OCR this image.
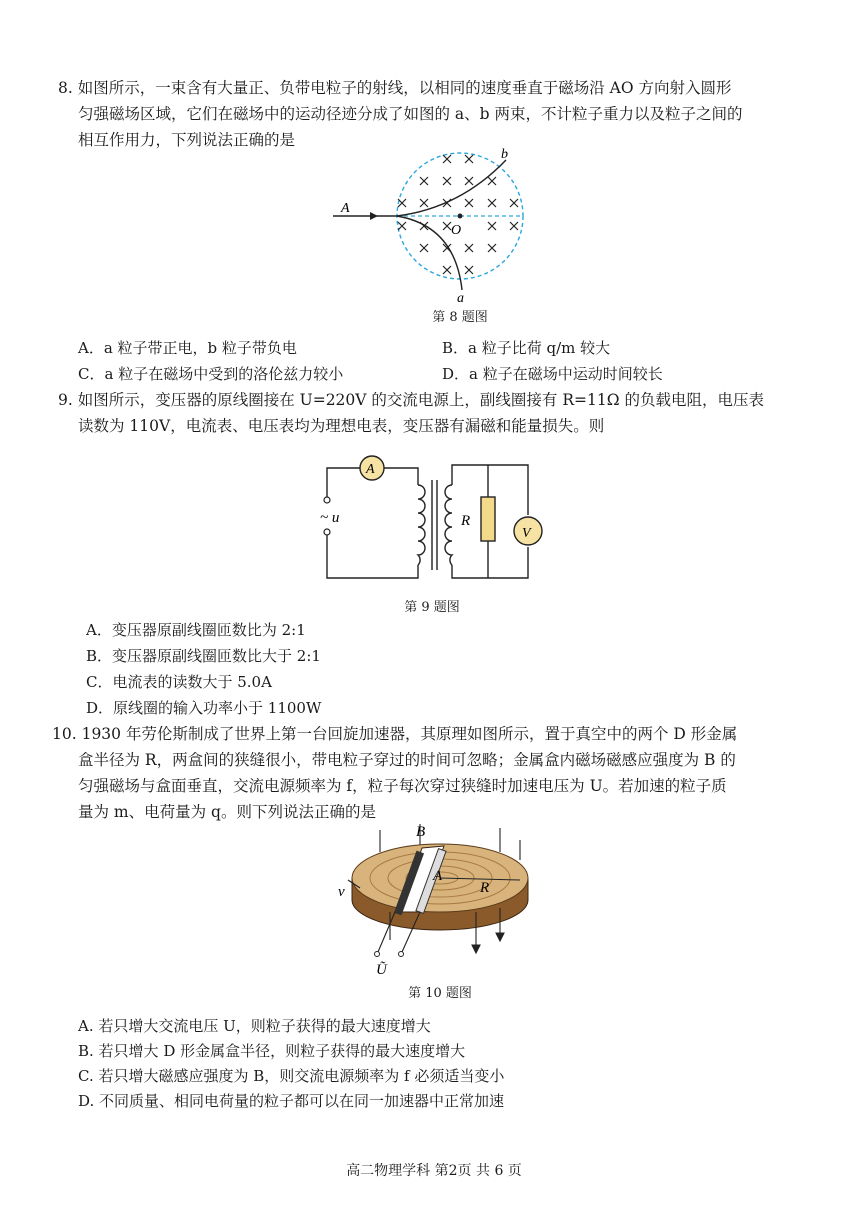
8. 如图所示，一束含有大量正、负带电粒子的射线，以相同的速度垂直于磁场沿 AO 方向射入圆形
匀强磁场区域，它们在磁场中的运动径迹分成了如图的 a、b 两束，不计粒子重力以及粒子之间的
相互作用力，下列说法正确的是
A
O
b
a
第 8 题图
A．a 粒子带正电，b 粒子带负电	B．a 粒子比荷 q/m 较大
C．a 粒子在磁场中受到的洛伦兹力较小	D．a 粒子在磁场中运动时间较长
9. 如图所示，变压器的原线圈接在 U=220V 的交流电源上，副线圈接有 R=11Ω 的负载电阻，电压表
读数为 110V，电流表、电压表均为理想电表，变压器有漏磁和能量损失。则
A
R
V
~ u
第 9 题图
A．变压器原副线圈匝数比为 2:1
B．变压器原副线圈匝数比大于 2:1
C．电流表的读数大于 5.0A
D．原线圈的输入功率小于 1100W
10. 1930 年劳伦斯制成了世界上第一台回旋加速器，其原理如图所示，置于真空中的两个 D 形金属
盒半径为 R，两盒间的狭缝很小，带电粒子穿过的时间可忽略；金属盒内磁场磁感应强度为 B 的
匀强磁场与盒面垂直，交流电源频率为 f，粒子每次穿过狭缝时加速电压为 U。若加速的粒子质
量为 m、电荷量为 q。则下列说法正确的是
B
A
R
v
Ũ
第 10 题图
A. 若只增大交流电压 U，则粒子获得的最大速度增大
B. 若只增大 D 形金属盒半径，则粒子获得的最大速度增大
C. 若只增大磁感应强度为 B，则交流电源频率为 f 必须适当变小
D. 不同质量、相同电荷量的粒子都可以在同一加速器中正常加速
高二物理学科 第2页 共 6 页
